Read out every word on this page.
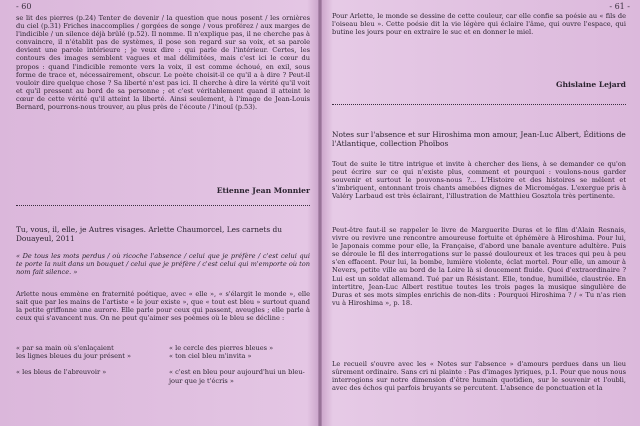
- 60

se lit des pierres (p.24) Tenter de devenir / la question que nous posent / les ornières du ciel (p.31) Friches inaccomplies / gorgées de songe / vous proférez / aux marges de l'indicible / un silence déjà brûlé (p.52). Il nomme. Il n'explique pas, il ne cherche pas à convaincre, il n'établit pas de systèmes, il pose son regard sur sa voix, et sa parole devient une parole intérieure ; je veux dire : qui parle de l'intérieur. Certes, les contours des images semblent vagues et mal délimitées, mais c'est ici le cœur du propos : quand l'indicible remonte vers la voix, il est comme échoué, en exil, sous forme de trace et, nécessairement, obscur. Le poète choisit-il ce qu'il a à dire ? Peut-il vouloir dire quelque chose ? Sa liberté n'est pas ici. Il cherche à dire la vérité qu'il voit et qu'il pressent au bord de sa personne ; et c'est véritablement quand il atteint le cœur de cette vérité qu'il atteint la liberté. Ainsi seulement, à l'image de Jean-Louis Bernard, pourrons-nous trouver, au plus près de l'écoute / l'inouï (p.53).

Etienne Jean Monnier

Tu, vous, il, elle, je Autres visages. Arlette Chaumorcel, Les carnets du Douayeul, 2011

« De tous les mots perdus / où ricoche l'absence / celui que je préfère / c'est celui qui te porte la nuit dans un bouquet / celui que je préfère / c'est celui qui m'emporte où ton nom fait silence. »

Arlette nous emmène en fraternité poétique, avec « elle », « s'élargit le monde », elle sait que par les mains de l'artiste « le jour existe », que « tout est bleu » surtout quand la petite griffonne une aurore. Elle parle pour ceux qui passent, aveugles ; elle parle à ceux qui s'avancent nus. On ne peut qu'aimer ses poèmes où le bleu se décline :

« par sa main où s'enlaçaient
les lignes bleues du jour présent »
« les bleus de l'abreuvoir »
« le cercle des pierres bleues »
« ton ciel bleu m'invita »
« c'est en bleu pour aujourd'hui un bleu-jour que je t'écris »
- 61 -

Pour Arlette, le monde se dessine de cette couleur, car elle confie sa poésie au « fils de l'oiseau bleu ». Cette poésie dit la vie légère qui éclaire l'âme, qui ouvre l'espace, qui butine les jours pour en extraire le suc et en donner le miel.

Ghislaine Lejard

Notes sur l'absence et sur Hiroshima mon amour, Jean-Luc Albert, Éditions de l'Atlantique, collection Phoïbos

Tout de suite le titre intrigue et invite à chercher des liens, à se demander ce qu'on peut écrire sur ce qui n'existe plus, comment et pourquoi : voulons-nous garder souvenir et surtout le pouvons-nous ?... L'Histoire et des histoires se mêlent et s'imbriquent, entonnant trois chants amebées dignes de Micromégas. L'exergue pris à Valéry Larbaud est très éclairant, l'illustration de Matthieu Gosztola très pertinente.

Peut-être faut-il se rappeler le livre de Marguerite Duras et le film d'Alain Resnais, vivre ou revivre une rencontre amoureuse fortuite et éphémère à Hiroshima. Pour lui, le Japonais comme pour elle, la Française, d'abord une banale aventure adultère. Puis se déroule le fil des interrogations sur le passé douloureux et les traces qui peu à peu s'en effacent. Pour lui, la bombe, lumière violente, éclat mortel. Pour elle, un amour à Nevers, petite ville au bord de la Loire là si doucement fluide. Quoi d'extraordinaire ? Lui est un soldat allemand. Tué par un Résistant. Elle, tondue, humiliée, claustrée. En intertitre, Jean-Luc Albert restitue toutes les trois pages la musique singulière de Duras et ses mots simples enrichis de non-dits : Pourquoi Hiroshima ? / « Tu n'as rien vu à Hiroshima », p. 18.

Le recueil s'ouvre avec les « Notes sur l'absence » d'amours perdues dans un lieu sûrement ordinaire. Sans cri ni plainte : Pas d'images lyriques, p.1. Pour que nous nous interrogions sur notre dimension d'être humain quotidien, sur le souvenir et l'oubli, avec des échos qui parfois bruyants se percutent. L'absence de ponctuation et la
